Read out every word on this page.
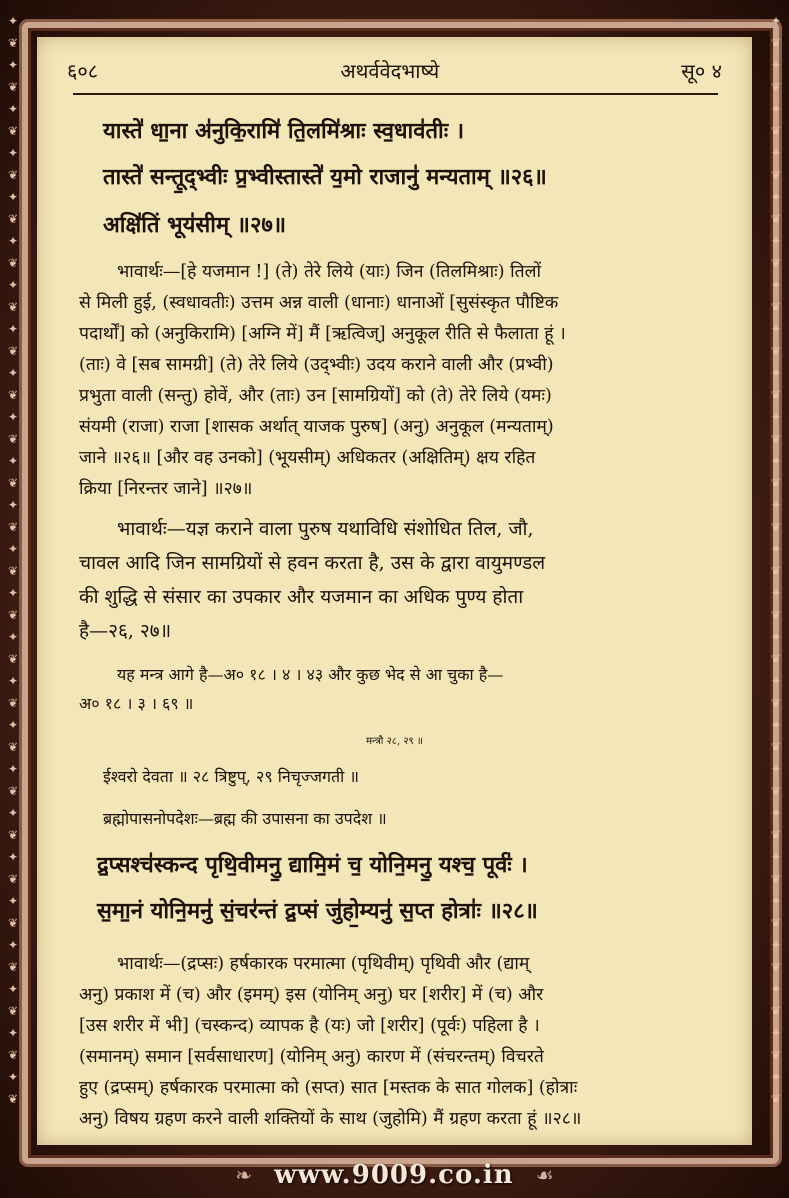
✦
❦
✦
❦
✦
❦
✦
❦
✦
❦
✦
❦
✦
❦
✦
❦
✦
❦
✦
❦
✦
❦
✦
❦
✦
❦
✦
❦
✦
❦
✦
❦
✦
❦
✦
❦
✦
❦
✦
❦
✦
❦
✦
❦
✦
❦
✦
❦
✦
❦
✦
❦
✦
❦
✦
❦
✦
❦
✦
❦
✦
❦
✦
❦
✦
❦
✦
❦
✦
❦
✦
❦
✦
❦
✦
❦
✦
❦
✦
❦
✦
❦
✦
❦
✦
❦
✦
❦
✦
❦
✦
❦
✦
❦
✦
❦
✦
❦
✦
❦
६०८	अथर्ववेदभाष्ये	सू० ४
यास्ते॑ धा॒ना अ॑नुकि॒रामि॑ ति॒लमि॑श्राः स्व॒धाव॑तीः ।
तास्ते॑ सन्तू॒द्भ्वीः प्र॒भ्वीस्तास्ते॑ य॒मो राजानु॑ मन्यताम् ॥२६॥
अक्षि॑तिं भूय॑सीम् ॥२७॥
भावार्थः—[हे यजमान !] (ते) तेरे लिये (याः) जिन (तिलमिश्राः) तिलों
से मिली हुई, (स्वधावतीः) उत्तम अन्न वाली (धानाः) धानाओं [सुसंस्कृत पौष्टिक
पदार्थों] को (अनुकिरामि) [अग्नि में] मैं [ऋत्विज्] अनुकूल रीति से फैलाता हूं ।
(ताः) वे [सब सामग्री] (ते) तेरे लिये (उद्भ्वीः) उदय कराने वाली और (प्रभ्वी)
प्रभुता वाली (सन्तु) होवें, और (ताः) उन [सामग्रियों] को (ते) तेरे लिये (यमः)
संयमी (राजा) राजा [शासक अर्थात् याजक पुरुष] (अनु) अनुकूल (मन्यताम्)
जाने ॥२६॥ [और वह उनको] (भूयसीम्) अधिकतर (अक्षितिम्) क्षय रहित
क्रिया [निरन्तर जाने] ॥२७॥
भावार्थः—यज्ञ कराने वाला पुरुष यथाविधि संशोधित तिल, जौ,
चावल आदि जिन सामग्रियों से हवन करता है, उस के द्वारा वायुमण्डल
की शुद्धि से संसार का उपकार और यजमान का अधिक पुण्य होता
है—२६, २७॥
यह मन्त्र आगे है—अ० १८ । ४ । ४३ और कुछ भेद से आ चुका है—
अ० १८ । ३ । ६९ ॥
मन्त्रौ २८, २९ ॥
ईश्वरो देवता ॥ २८ त्रिष्टुप्, २९ निचृज्जगती ॥
ब्रह्मोपासनोपदेशः—ब्रह्म की उपासना का उपदेश ॥
द्र॒प्सश्च॑स्कन्द पृथि॒वीमनु॒ द्यामि॒मं च॒ योनि॒मनु॒ यश्च॒ पूर्वः॑ ।
स॒मा॒नं योनि॒मनु॑ सं॒चर॑न्तं द्र॒प्सं जु॑हो॒म्यनु॑ स॒प्त होत्राः॑ ॥२८॥
भावार्थः—(द्रप्सः) हर्षकारक परमात्मा (पृथिवीम्) पृथिवी और (द्याम्
अनु) प्रकाश में (च) और (इमम्) इस (योनिम् अनु) घर [शरीर] में (च) और
[उस शरीर में भी] (चस्कन्द) व्यापक है (यः) जो [शरीर] (पूर्वः) पहिला है ।
(समानम्) समान [सर्वसाधारण] (योनिम् अनु) कारण में (संचरन्तम्) विचरते
हुए (द्रप्सम्) हर्षकारक परमात्मा को (सप्त) सात [मस्तक के सात गोलक] (होत्राः
अनु) विषय ग्रहण करने वाली शक्तियों के साथ (जुहोमि) मैं ग्रहण करता हूं ॥२८॥
❧ www.9009.co.in ☙
